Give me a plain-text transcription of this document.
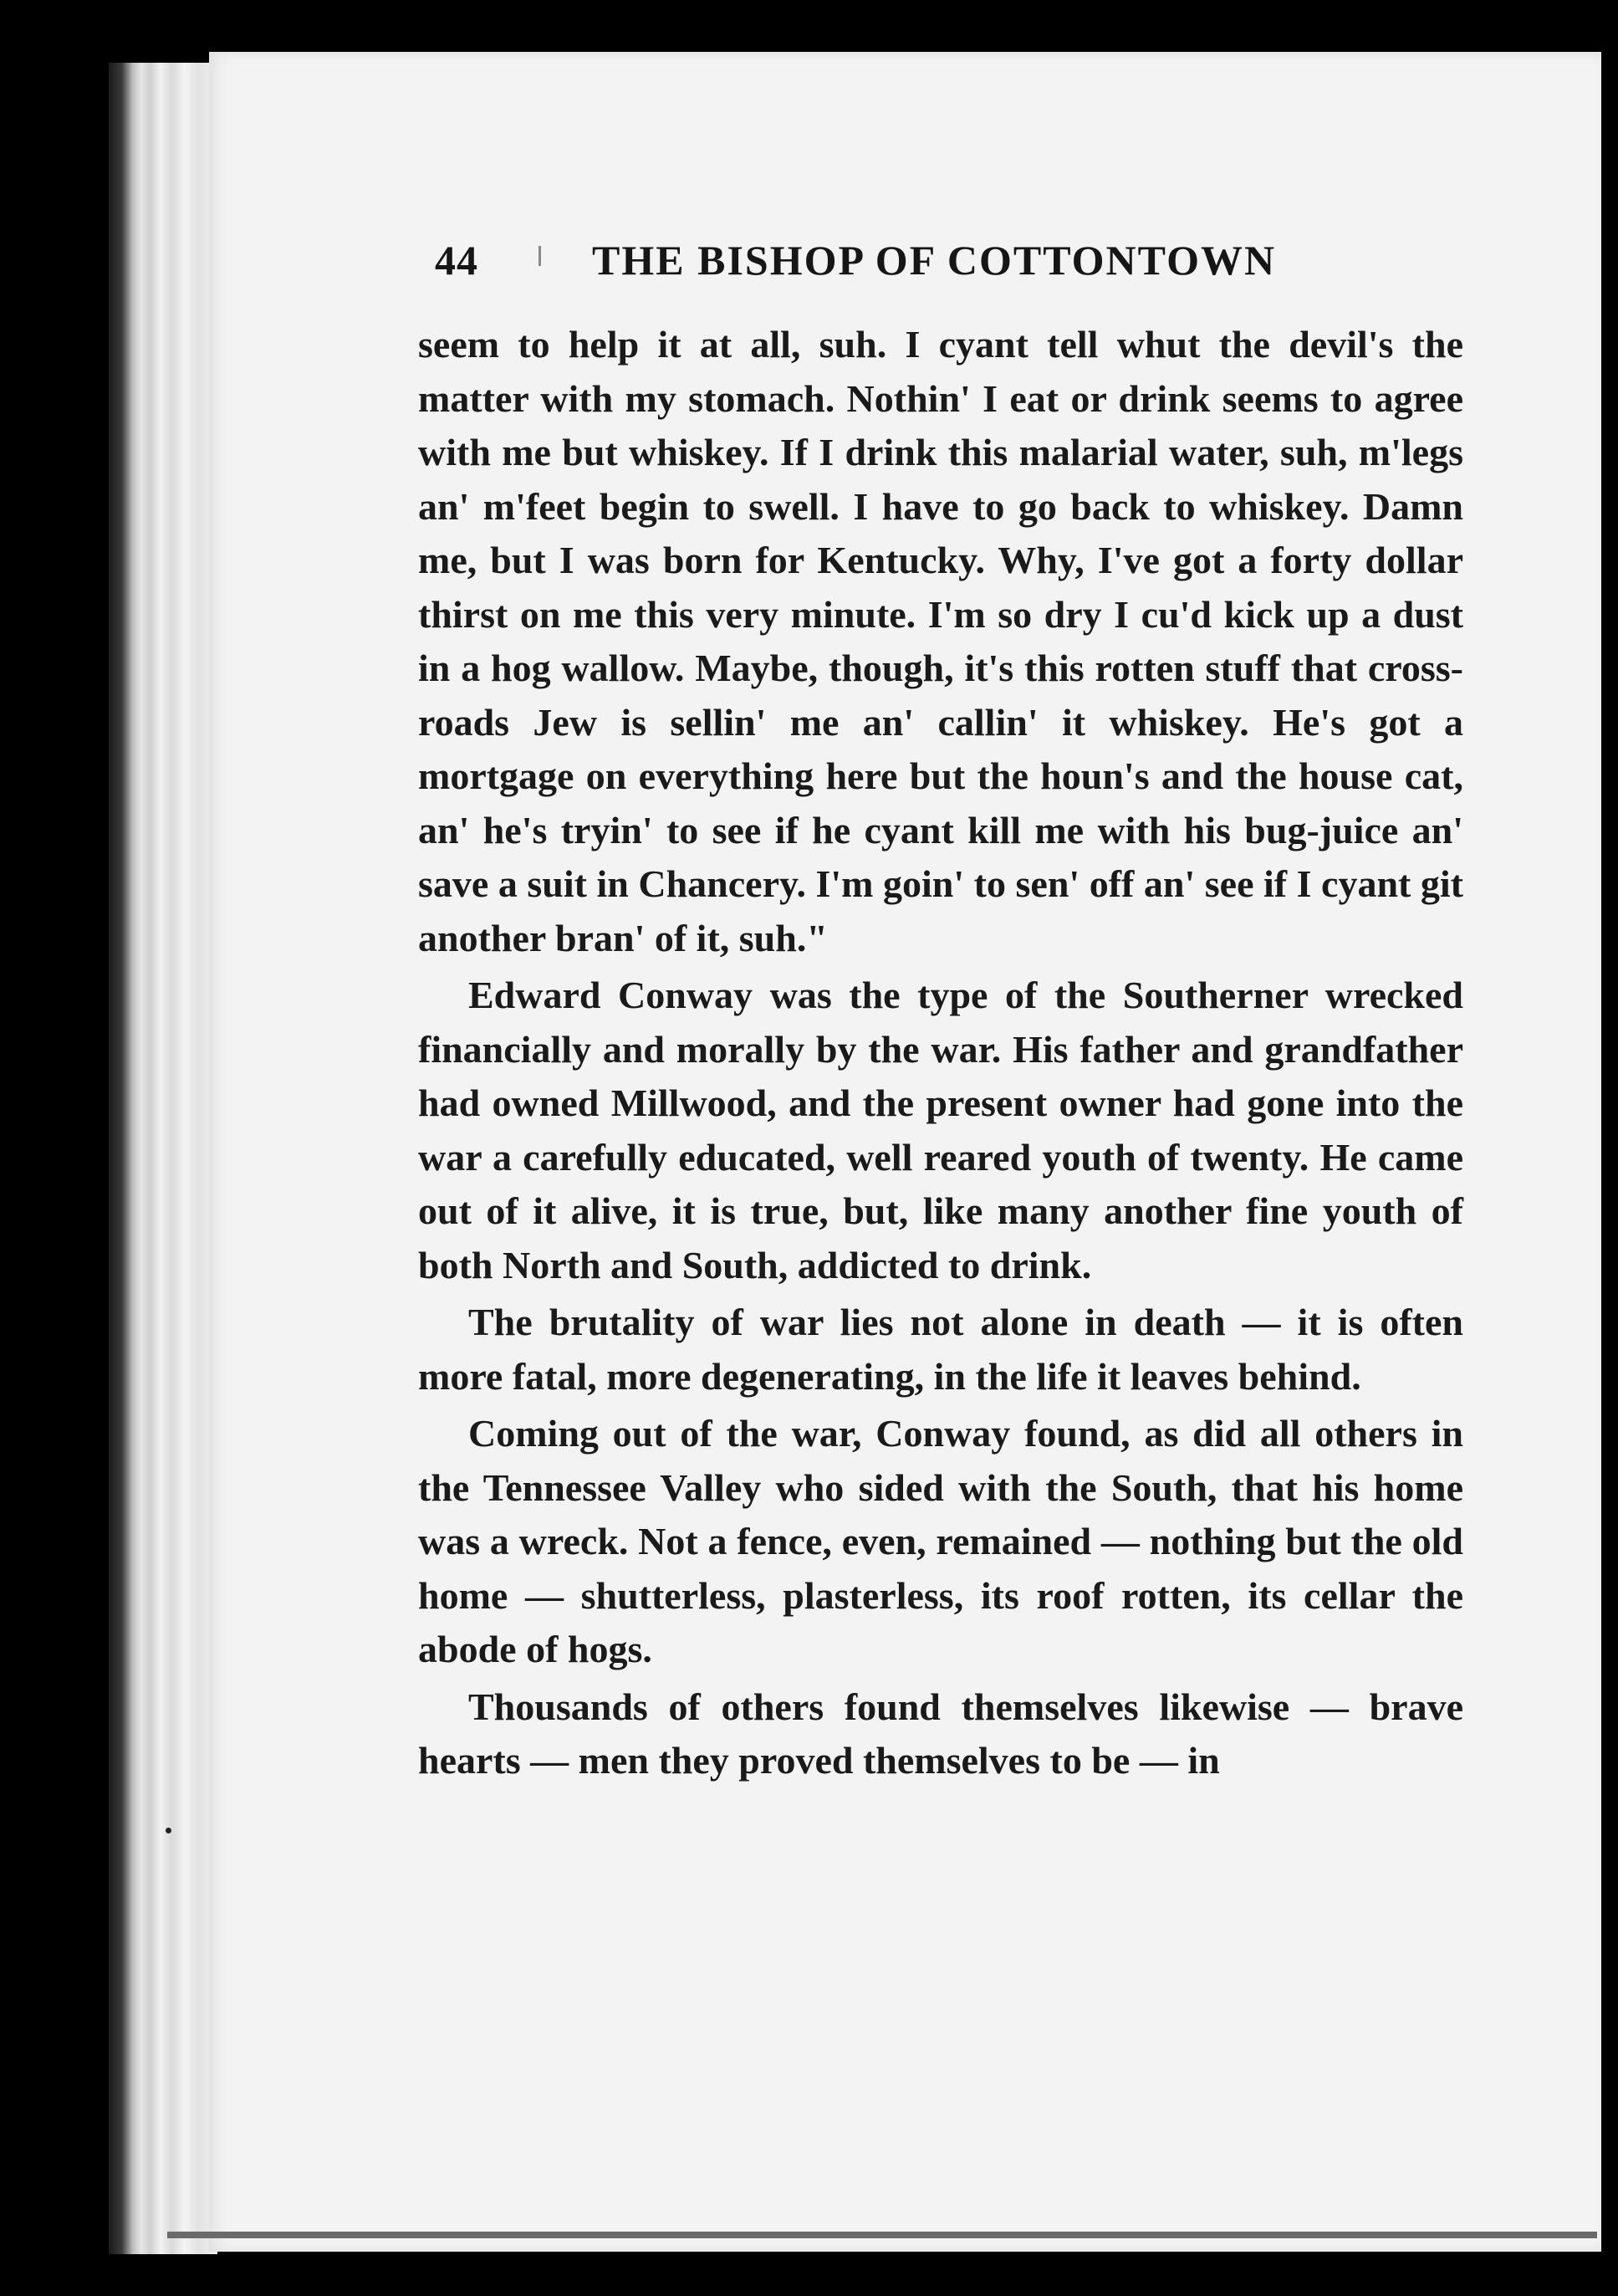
44	THE BISHOP OF COTTONTOWN

seem to help it at all, suh. I cyant tell whut the devil's the matter with my stomach. Nothin' I eat or drink seems to agree with me but whiskey. If I drink this malarial water, suh, m'legs an' m'feet begin to swell. I have to go back to whiskey. Damn me, but I was born for Kentucky. Why, I've got a forty dollar thirst on me this very minute. I'm so dry I cu'd kick up a dust in a hog wallow. Maybe, though, it's this rotten stuff that cross-roads Jew is sellin' me an' callin' it whiskey. He's got a mortgage on everything here but the houn's and the house cat, an' he's tryin' to see if he cyant kill me with his bug-juice an' save a suit in Chancery. I'm goin' to sen' off an' see if I cyant git another bran' of it, suh."

Edward Conway was the type of the Southerner wrecked financially and morally by the war. His father and grandfather had owned Millwood, and the present owner had gone into the war a carefully educated, well reared youth of twenty. He came out of it alive, it is true, but, like many another fine youth of both North and South, addicted to drink.

The brutality of war lies not alone in death — it is often more fatal, more degenerating, in the life it leaves behind.

Coming out of the war, Conway found, as did all others in the Tennessee Valley who sided with the South, that his home was a wreck. Not a fence, even, remained — nothing but the old home — shutterless, plasterless, its roof rotten, its cellar the abode of hogs.

Thousands of others found themselves likewise — brave hearts — men they proved themselves to be — in
